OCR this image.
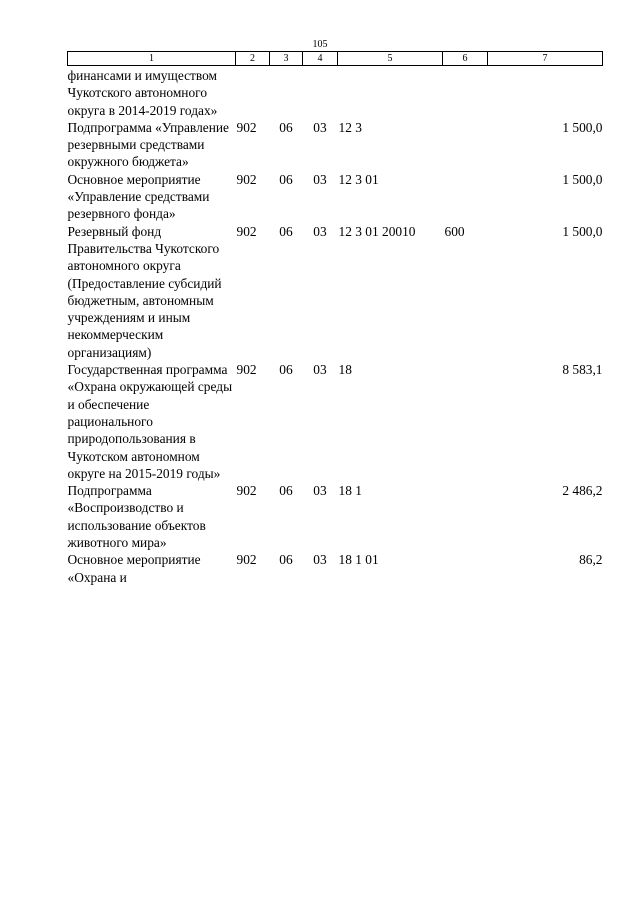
105
1	2	3	4	5	6	7
финансами и имуществом Чукотского автономного округа в 2014-2019 годах»						
Подпрограмма «Управление резервными средствами окружного бюджета»	902	06	03	12 3		1 500,0
Основное мероприятие «Управление средствами резервного фонда»	902	06	03	12 3 01		1 500,0
Резервный фонд Правительства Чукотского автономного округа (Предоставление субсидий бюджетным, автономным учреждениям и иным некоммерческим организациям)	902	06	03	12 3 01 20010	600	1 500,0
Государственная программа «Охрана окружающей среды и обеспечение рационального природопользования в Чукотском автономном округе на 2015-2019 годы»	902	06	03	18		8 583,1
Подпрограмма «Воспроизводство и использование объектов животного мира»	902	06	03	18 1		2 486,2
Основное мероприятие «Охрана и	902	06	03	18 1 01		86,2
